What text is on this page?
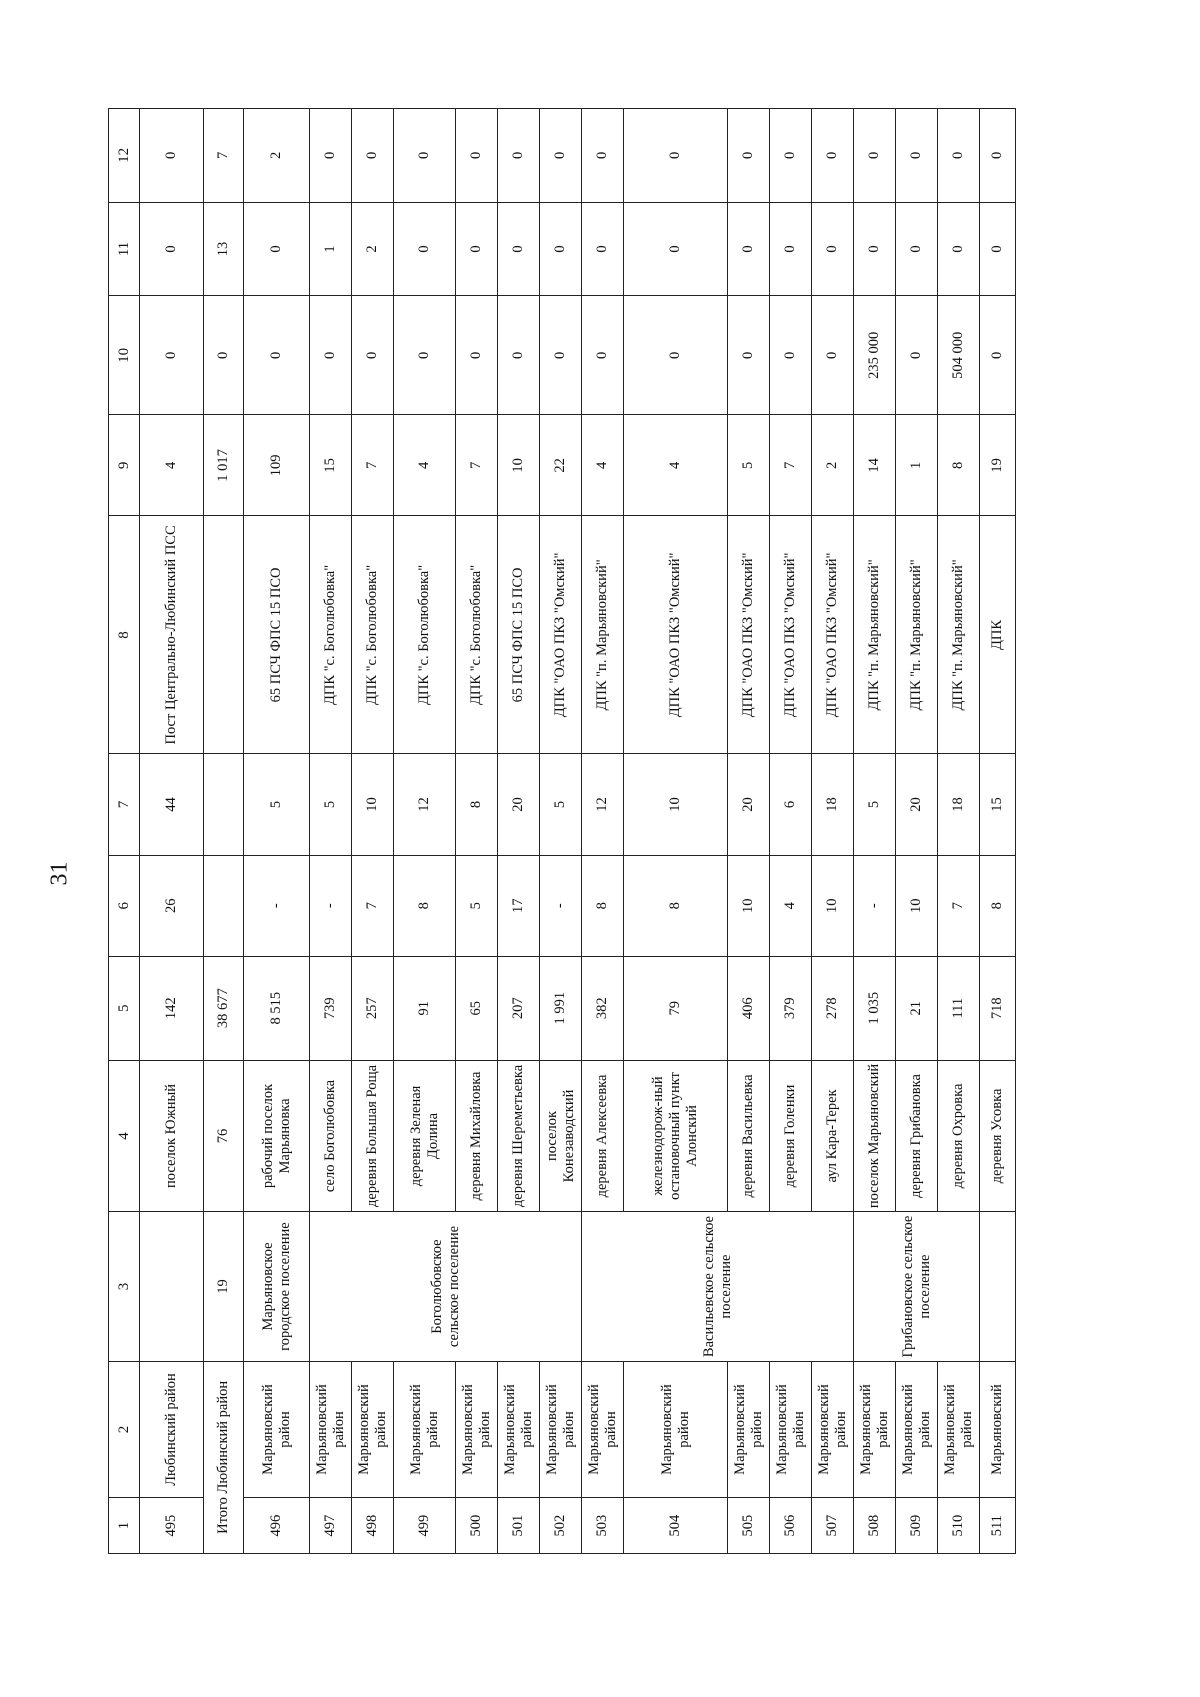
31
1	2	3	4	5	6	7	8	9	10	11	12
495	Любинский район		поселок Южный	142	26	44	Пост Центрально-Любинский ПСС	4	0	0	0
Итого Любинский район		19	76	38 677				1 017	0	13	7
496	Марьяновский район	Марьяновское городское поселение	рабочий поселок Марьяновка	8 515	-	5	65 ПСЧ ФПС 15 ПСО	109	0	0	2
497	Марьяновский район	Боголюбовское сельское поселение	село Боголюбовка	739	-	5	ДПК "с. Боголюбовка"	15	0	1	0
498	Марьяновский район		деревня Большая Роща	257	7	10	ДПК "с. Боголюбовка"	7	0	2	0
499	Марьяновский район		деревня Зеленая Долина	91	8	12	ДПК "с. Боголюбовка"	4	0	0	0
500	Марьяновский район		деревня Михайловка	65	5	8	ДПК "с. Боголюбовка"	7	0	0	0
501	Марьяновский район		деревня Шереметьевка	207	17	20	65 ПСЧ ФПС 15 ПСО	10	0	0	0
502	Марьяновский район		поселок Конезаводский	1 991	-	5	ДПК "ОАО ПКЗ "Омский"	22	0	0	0
503	Марьяновский район	Васильевское сельское поселение	деревня Алексеевка	382	8	12	ДПК "п. Марьяновский"	4	0	0	0
504	Марьяновский район		железнодорож-ный остановочный пункт Алонский	79	8	10	ДПК "ОАО ПКЗ "Омский"	4	0	0	0
505	Марьяновский район		деревня Васильевка	406	10	20	ДПК "ОАО ПКЗ "Омский"	5	0	0	0
506	Марьяновский район		деревня Голенки	379	4	6	ДПК "ОАО ПКЗ "Омский"	7	0	0	0
507	Марьяновский район		аул Кара-Терек	278	10	18	ДПК "ОАО ПКЗ "Омский"	2	0	0	0
508	Марьяновский район	Грибановское сельское поселение	поселок Марьяновский	1 035	-	5	ДПК "п. Марьяновский"	14	235 000	0	0
509	Марьяновский район		деревня Грибановка	21	10	20	ДПК "п. Марьяновский"	1	0	0	0
510	Марьяновский район		деревня Охровка	111	7	18	ДПК "п. Марьяновский"	8	504 000	0	0
511	Марьяновский		деревня Усовка	718	8	15	ДПК	19	0	0	0
